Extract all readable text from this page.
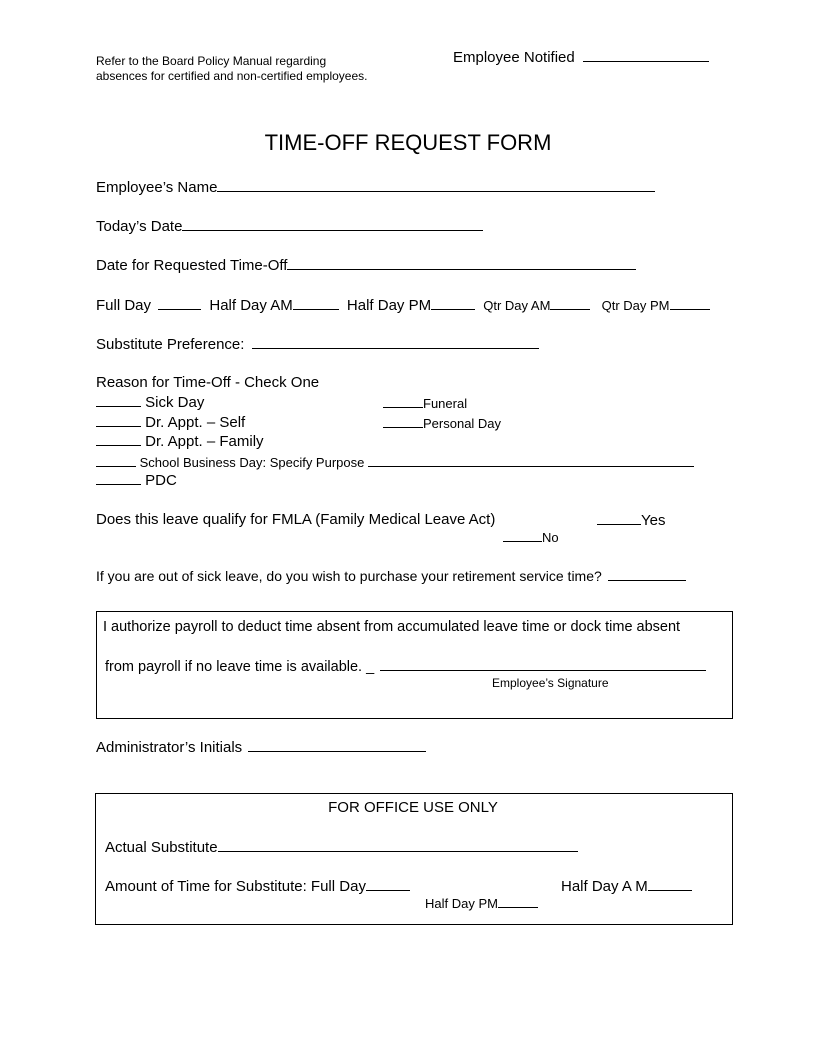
Refer to the Board Policy Manual regarding
absences for certified and non-certified employees.
Employee Notified
TIME-OFF REQUEST FORM
Employee’s Name
Today’s Date
Date for Requested Time-Off
Full Day	Half Day AM	Half Day PM	Qtr Day AM	Qtr Day PM
Substitute Preference:
Reason for Time-Off - Check One
Sick Day
Dr. Appt. – Self
Dr. Appt. – Family
School Business Day: Specify Purpose
PDC
Funeral
Personal Day
Does this leave qualify for FMLA (Family Medical Leave Act)	Yes
No
If you are out of sick leave, do you wish to purchase your retirement service time?
I authorize payroll to deduct time absent from accumulated leave time or dock time absent
from payroll if no leave time is available. _
Employee’s Signature
Administrator’s Initials
FOR OFFICE USE ONLY
Actual Substitute
Amount of Time for Substitute: Full Day	Half Day A M
Half Day PM
